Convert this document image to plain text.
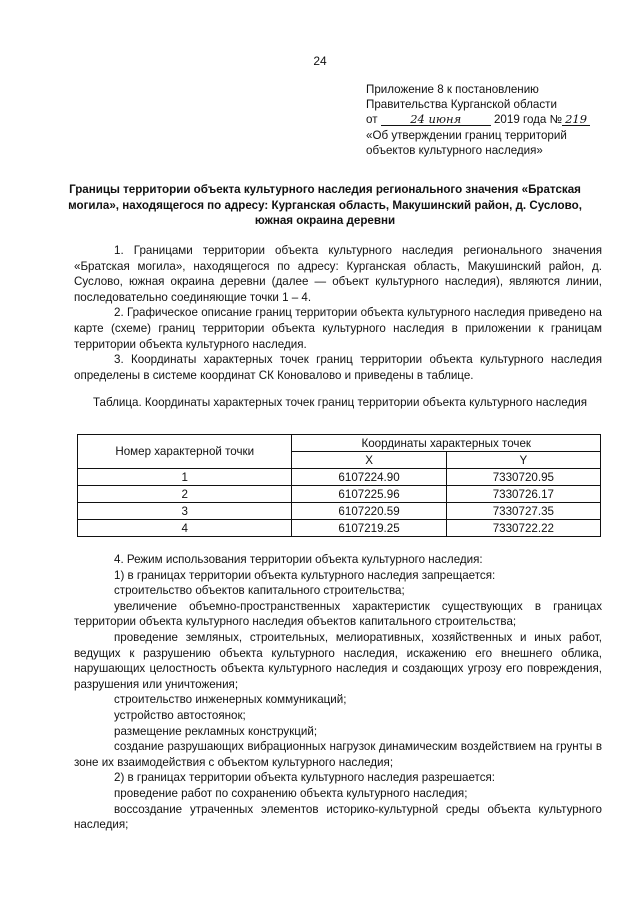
24
Приложение 8 к постановлению
Правительства Курганской области
от	24 июня	2019 года № 219
«Об утверждении границ территорий
объектов культурного наследия»
Границы территории объекта культурного наследия регионального значения «Братская могила», находящегося по адресу: Курганская область, Макушинский район, д. Суслово, южная окраина деревни

1. Границами территории объекта культурного наследия регионального значения «Братская могила», находящегося по адресу: Курганская область, Макушинский район, д. Суслово, южная окраина деревни (далее — объект культурного наследия), являются линии, последовательно соединяющие точки 1 – 4.

2. Графическое описание границ территории объекта культурного наследия приведено на карте (схеме) границ территории объекта культурного наследия в приложении к границам территории объекта культурного наследия.

3. Координаты характерных точек границ территории объекта культурного наследия определены в системе координат СК Коновалово и приведены в таблице.

Таблица. Координаты характерных точек границ территории объекта культурного наследия
Номер характерной точки	Координаты характерных точек	
	X	Y
1	6107224.90	7330720.95
2	6107225.96	7330726.17
3	6107220.59	7330727.35
4	6107219.25	7330722.22

4. Режим использования территории объекта культурного наследия:

1) в границах территории объекта культурного наследия запрещается:

строительство объектов капитального строительства;

увеличение объемно-пространственных характеристик существующих в границах территории объекта культурного наследия объектов капитального строительства;

проведение земляных, строительных, мелиоративных, хозяйственных и иных работ, ведущих к разрушению объекта культурного наследия, искажению его внешнего облика, нарушающих целостность объекта культурного наследия и создающих угрозу его повреждения, разрушения или уничтожения;

строительство инженерных коммуникаций;

устройство автостоянок;

размещение рекламных конструкций;

создание разрушающих вибрационных нагрузок динамическим воздействием на грунты в зоне их взаимодействия с объектом культурного наследия;

2) в границах территории объекта культурного наследия разрешается:

проведение работ по сохранению объекта культурного наследия;

воссоздание утраченных элементов историко-культурной среды объекта культурного наследия;
